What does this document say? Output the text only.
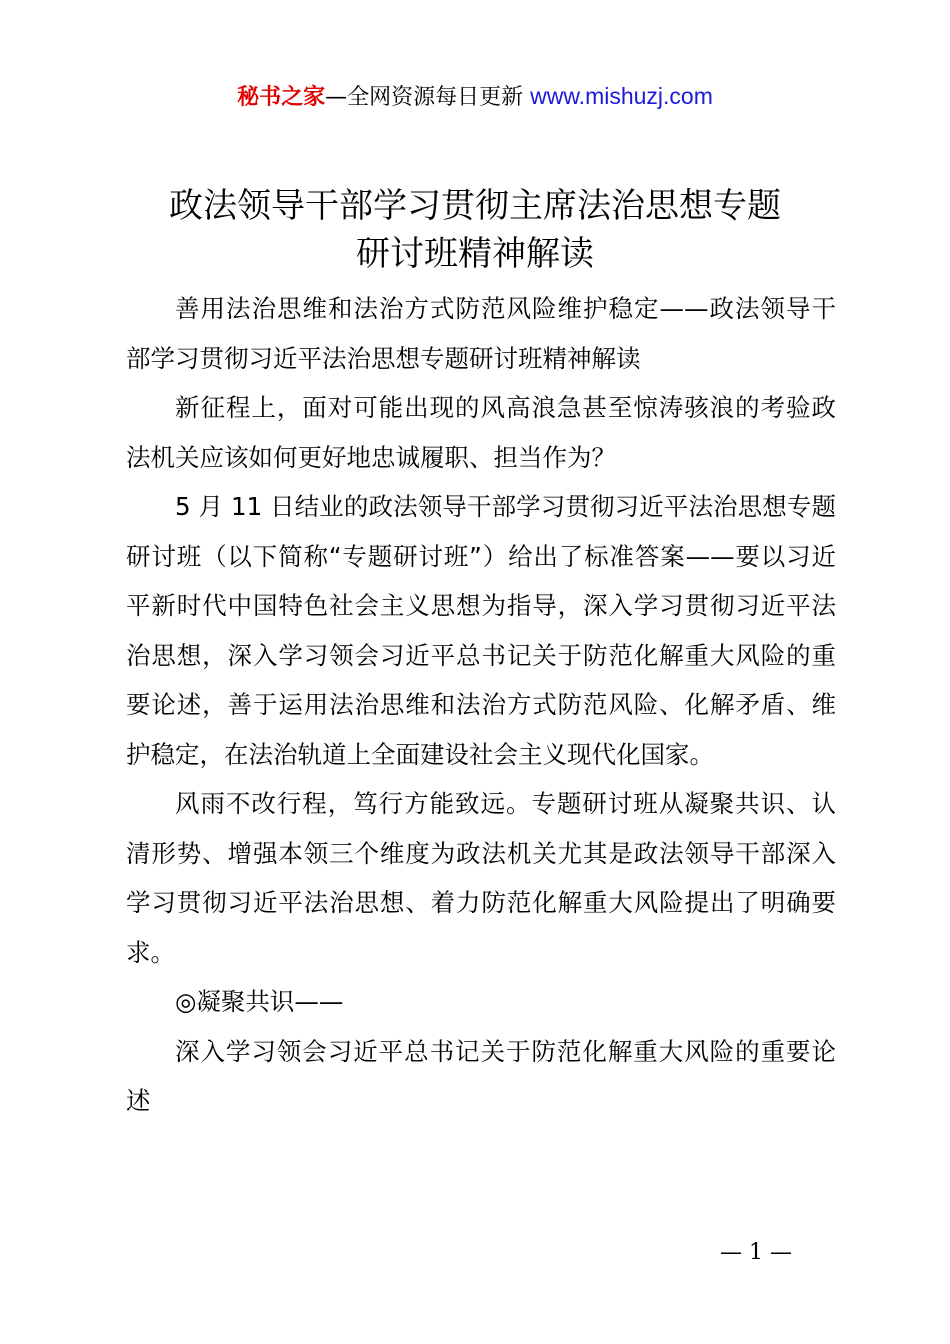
秘书之家—全网资源每日更新 www.mishuzj.com
政法领导干部学习贯彻主席法治思想专题
研讨班精神解读

善用法治思维和法治方式防范风险维护稳定——政法领导干部学习贯彻习近平法治思想专题研讨班精神解读

新征程上，面对可能出现的风高浪急甚至惊涛骇浪的考验政法机关应该如何更好地忠诚履职、担当作为？

5 月 11 日结业的政法领导干部学习贯彻习近平法治思想专题研讨班（以下简称“专题研讨班”）给出了标准答案——要以习近平新时代中国特色社会主义思想为指导，深入学习贯彻习近平法治思想，深入学习领会习近平总书记关于防范化解重大风险的重要论述，善于运用法治思维和法治方式防范风险、化解矛盾、维护稳定，在法治轨道上全面建设社会主义现代化国家。

风雨不改行程，笃行方能致远。专题研讨班从凝聚共识、认清形势、增强本领三个维度为政法机关尤其是政法领导干部深入学习贯彻习近平法治思想、着力防范化解重大风险提出了明确要求。

◎凝聚共识——

深入学习领会习近平总书记关于防范化解重大风险的重要论述

— 1 —
